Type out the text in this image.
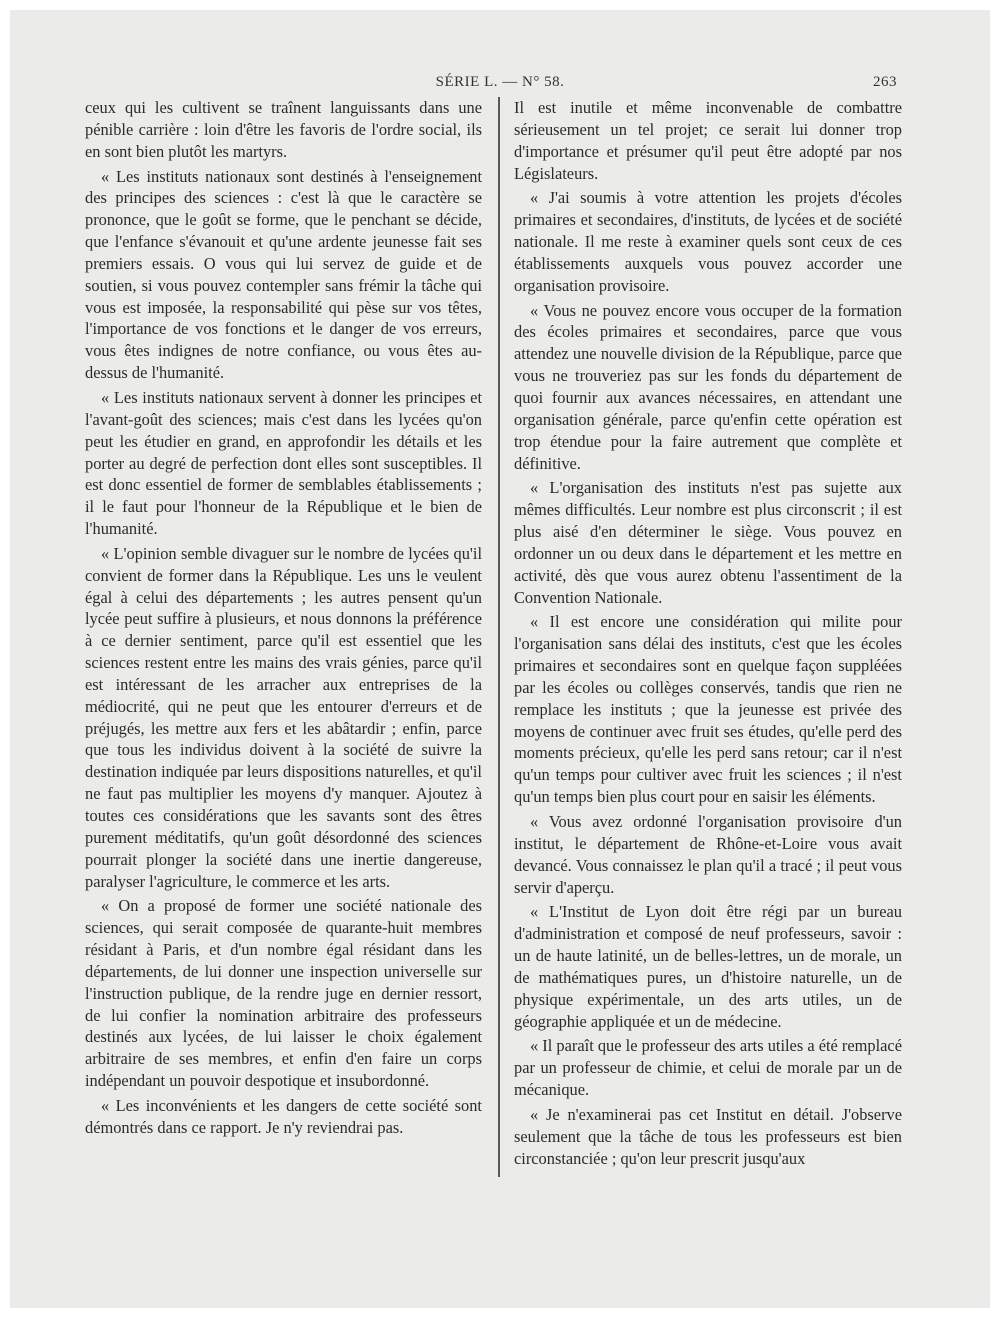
SÉRIE L. — N° 58.	263

ceux qui les cultivent se traînent languissants dans une pénible carrière : loin d'être les favoris de l'ordre social, ils en sont bien plutôt les martyrs.

« Les instituts nationaux sont destinés à l'enseignement des principes des sciences : c'est là que le caractère se prononce, que le goût se forme, que le penchant se décide, que l'enfance s'évanouit et qu'une ardente jeunesse fait ses premiers essais. O vous qui lui servez de guide et de soutien, si vous pouvez contempler sans frémir la tâche qui vous est imposée, la responsabilité qui pèse sur vos têtes, l'importance de vos fonctions et le danger de vos erreurs, vous êtes indignes de notre confiance, ou vous êtes au-dessus de l'humanité.

« Les instituts nationaux servent à donner les principes et l'avant-goût des sciences; mais c'est dans les lycées qu'on peut les étudier en grand, en approfondir les détails et les porter au degré de perfection dont elles sont susceptibles. Il est donc essentiel de former de semblables établissements ; il le faut pour l'honneur de la République et le bien de l'humanité.

« L'opinion semble divaguer sur le nombre de lycées qu'il convient de former dans la République. Les uns le veulent égal à celui des départements ; les autres pensent qu'un lycée peut suffire à plusieurs, et nous donnons la préférence à ce dernier sentiment, parce qu'il est essentiel que les sciences restent entre les mains des vrais génies, parce qu'il est intéressant de les arracher aux entreprises de la médiocrité, qui ne peut que les entourer d'erreurs et de préjugés, les mettre aux fers et les abâtardir ; enfin, parce que tous les individus doivent à la société de suivre la destination indiquée par leurs dispositions naturelles, et qu'il ne faut pas multiplier les moyens d'y manquer. Ajoutez à toutes ces considérations que les savants sont des êtres purement méditatifs, qu'un goût désordonné des sciences pourrait plonger la société dans une inertie dangereuse, paralyser l'agriculture, le commerce et les arts.

« On a proposé de former une société nationale des sciences, qui serait composée de quarante-huit membres résidant à Paris, et d'un nombre égal résidant dans les départements, de lui donner une inspection universelle sur l'instruction publique, de la rendre juge en dernier ressort, de lui confier la nomination arbitraire des professeurs destinés aux lycées, de lui laisser le choix également arbitraire de ses membres, et enfin d'en faire un corps indépendant un pouvoir despotique et insubordonné.

« Les inconvénients et les dangers de cette société sont démontrés dans ce rapport. Je n'y reviendrai pas.

Il est inutile et même inconvenable de combattre sérieusement un tel projet; ce serait lui donner trop d'importance et présumer qu'il peut être adopté par nos Législateurs.

« J'ai soumis à votre attention les projets d'écoles primaires et secondaires, d'instituts, de lycées et de société nationale. Il me reste à examiner quels sont ceux de ces établissements auxquels vous pouvez accorder une organisation provisoire.

« Vous ne pouvez encore vous occuper de la formation des écoles primaires et secondaires, parce que vous attendez une nouvelle division de la République, parce que vous ne trouveriez pas sur les fonds du département de quoi fournir aux avances nécessaires, en attendant une organisation générale, parce qu'enfin cette opération est trop étendue pour la faire autrement que complète et définitive.

« L'organisation des instituts n'est pas sujette aux mêmes difficultés. Leur nombre est plus circonscrit ; il est plus aisé d'en déterminer le siège. Vous pouvez en ordonner un ou deux dans le département et les mettre en activité, dès que vous aurez obtenu l'assentiment de la Convention Nationale.

« Il est encore une considération qui milite pour l'organisation sans délai des instituts, c'est que les écoles primaires et secondaires sont en quelque façon suppléées par les écoles ou collèges conservés, tandis que rien ne remplace les instituts ; que la jeunesse est privée des moyens de continuer avec fruit ses études, qu'elle perd des moments précieux, qu'elle les perd sans retour; car il n'est qu'un temps pour cultiver avec fruit les sciences ; il n'est qu'un temps bien plus court pour en saisir les éléments.

« Vous avez ordonné l'organisation provisoire d'un institut, le département de Rhône-et-Loire vous avait devancé. Vous connaissez le plan qu'il a tracé ; il peut vous servir d'aperçu.

« L'Institut de Lyon doit être régi par un bureau d'administration et composé de neuf professeurs, savoir : un de haute latinité, un de belles-lettres, un de morale, un de mathématiques pures, un d'histoire naturelle, un de physique expérimentale, un des arts utiles, un de géographie appliquée et un de médecine.

« Il paraît que le professeur des arts utiles a été remplacé par un professeur de chimie, et celui de morale par un de mécanique.

« Je n'examinerai pas cet Institut en détail. J'observe seulement que la tâche de tous les professeurs est bien circonstanciée ; qu'on leur prescrit jusqu'aux
